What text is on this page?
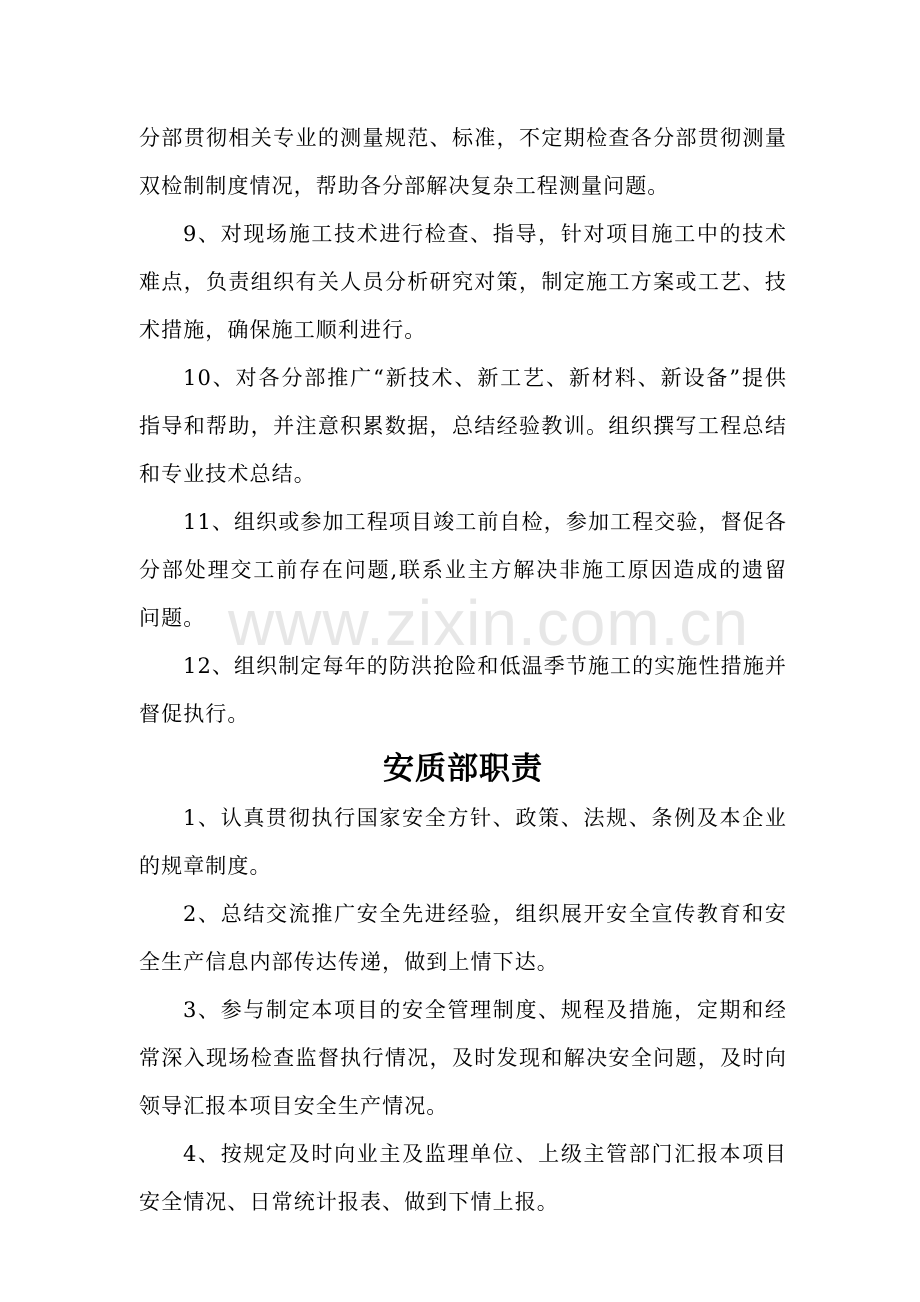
分部贯彻相关专业的测量规范、标准，不定期检查各分部贯彻测量双检制制度情况，帮助各分部解决复杂工程测量问题。

9、对现场施工技术进行检查、指导，针对项目施工中的技术难点，负责组织有关人员分析研究对策，制定施工方案或工艺、技术措施，确保施工顺利进行。

10、对各分部推广“新技术、新工艺、新材料、新设备”提供指导和帮助，并注意积累数据，总结经验教训。组织撰写工程总结和专业技术总结。

11、组织或参加工程项目竣工前自检，参加工程交验，督促各分部处理交工前存在问题,联系业主方解决非施工原因造成的遗留问题。

12、组织制定每年的防洪抢险和低温季节施工的实施性措施并督促执行。

安质部职责

1、认真贯彻执行国家安全方针、政策、法规、条例及本企业的规章制度。

2、总结交流推广安全先进经验，组织展开安全宣传教育和安全生产信息内部传达传递，做到上情下达。

3、参与制定本项目的安全管理制度、规程及措施，定期和经常深入现场检查监督执行情况，及时发现和解决安全问题，及时向领导汇报本项目安全生产情况。

4、按规定及时向业主及监理单位、上级主管部门汇报本项目安全情况、日常统计报表、做到下情上报。

www.zixin.com.cn
